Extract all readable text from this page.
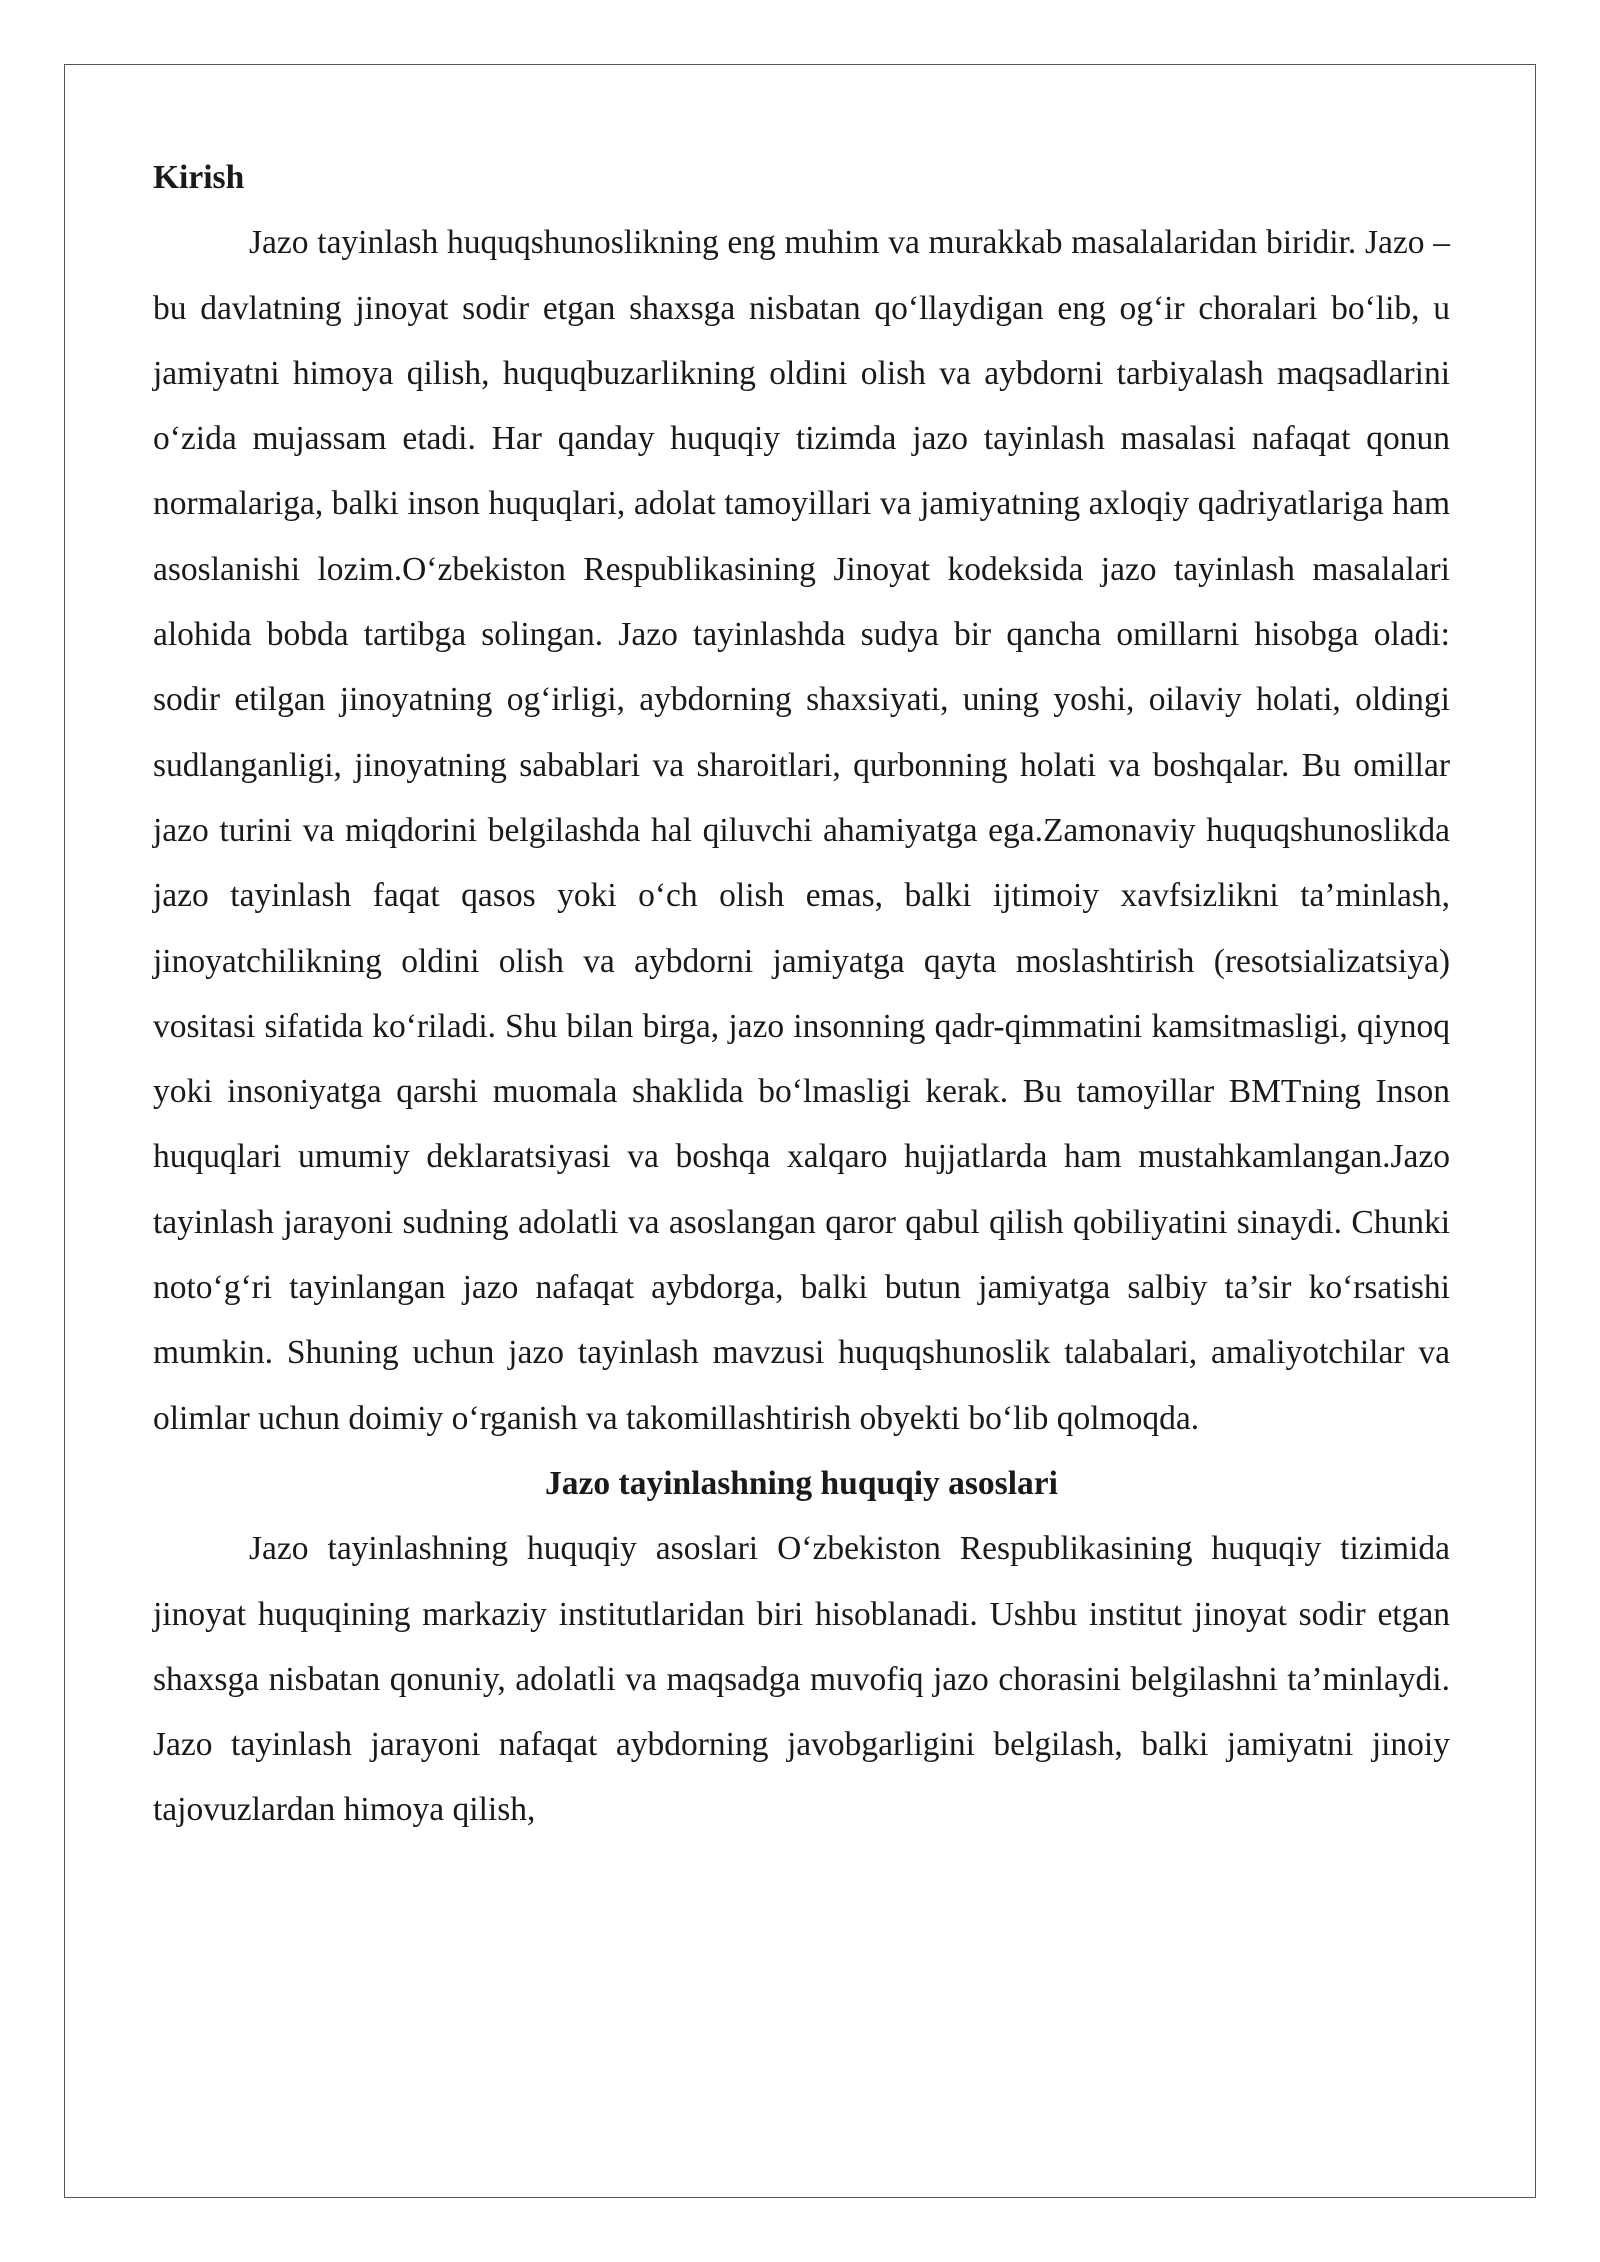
Kirish

Jazo tayinlash huquqshunoslikning eng muhim va murakkab masalalaridan biridir. Jazo – bu davlatning jinoyat sodir etgan shaxsga nisbatan qo‘llaydigan eng og‘ir choralari bo‘lib, u jamiyatni himoya qilish, huquqbuzarlikning oldini olish va aybdorni tarbiyalash maqsadlarini o‘zida mujassam etadi. Har qanday huquqiy tizimda jazo tayinlash masalasi nafaqat qonun normalariga, balki inson huquqlari, adolat tamoyillari va jamiyatning axloqiy qadriyatlariga ham asoslanishi lozim.O‘zbekiston Respublikasining Jinoyat kodeksida jazo tayinlash masalalari alohida bobda tartibga solingan. Jazo tayinlashda sudya bir qancha omillarni hisobga oladi: sodir etilgan jinoyatning og‘irligi, aybdorning shaxsiyati, uning yoshi, oilaviy holati, oldingi sudlanganligi, jinoyatning sabablari va sharoitlari, qurbonning holati va boshqalar. Bu omillar jazo turini va miqdorini belgilashda hal qiluvchi ahamiyatga ega.Zamonaviy huquqshunoslikda jazo tayinlash faqat qasos yoki o‘ch olish emas, balki ijtimoiy xavfsizlikni ta’minlash, jinoyatchilikning oldini olish va aybdorni jamiyatga qayta moslashtirish (resotsializatsiya) vositasi sifatida ko‘riladi. Shu bilan birga, jazo insonning qadr-qimmatini kamsitmasligi, qiynoq yoki insoniyatga qarshi muomala shaklida bo‘lmasligi kerak. Bu tamoyillar BMTning Inson huquqlari umumiy deklaratsiyasi va boshqa xalqaro hujjatlarda ham mustahkamlangan.Jazo tayinlash jarayoni sudning adolatli va asoslangan qaror qabul qilish qobiliyatini sinaydi. Chunki noto‘g‘ri tayinlangan jazo nafaqat aybdorga, balki butun jamiyatga salbiy ta’sir ko‘rsatishi mumkin. Shuning uchun jazo tayinlash mavzusi huquqshunoslik talabalari, amaliyotchilar va olimlar uchun doimiy o‘rganish va takomillashtirish obyekti bo‘lib qolmoqda.

Jazo tayinlashning huquqiy asoslari

Jazo tayinlashning huquqiy asoslari O‘zbekiston Respublikasining huquqiy tizimida jinoyat huquqining markaziy institutlaridan biri hisoblanadi. Ushbu institut jinoyat sodir etgan shaxsga nisbatan qonuniy, adolatli va maqsadga muvofiq jazo chorasini belgilashni ta’minlaydi. Jazo tayinlash jarayoni nafaqat aybdorning javobgarligini belgilash, balki jamiyatni jinoiy tajovuzlardan himoya qilish,
